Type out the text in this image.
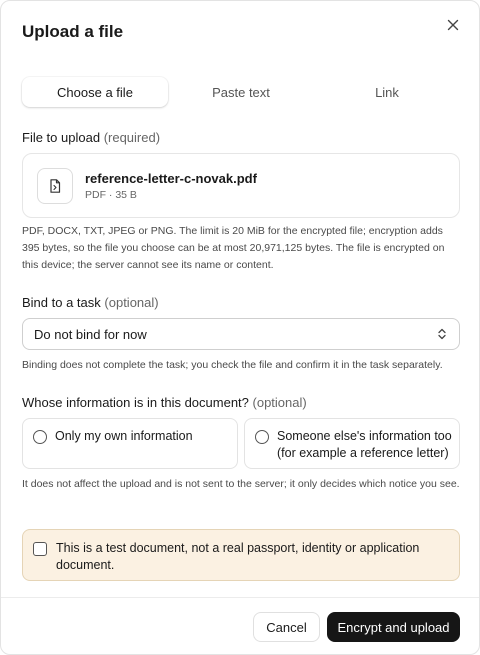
Upload a file
Choose a file	Paste text	Link
File to upload (required)
reference-letter-c-novak.pdf
PDF · 35 B
PDF, DOCX, TXT, JPEG or PNG. The limit is 20 MiB for the encrypted file; encryption adds 395 bytes, so the file you choose can be at most 20,971,125 bytes. The file is encrypted on this device; the server cannot see its name or content.
Bind to a task (optional)
Do not bind for now
Binding does not complete the task; you check the file and confirm it in the task separately.
Whose information is in this document? (optional)
Only my own information	Someone else's information too (for example a reference letter)
It does not affect the upload and is not sent to the server; it only decides which notice you see.
This is a test document, not a real passport, identity or application document.
Cancel	Encrypt and upload
